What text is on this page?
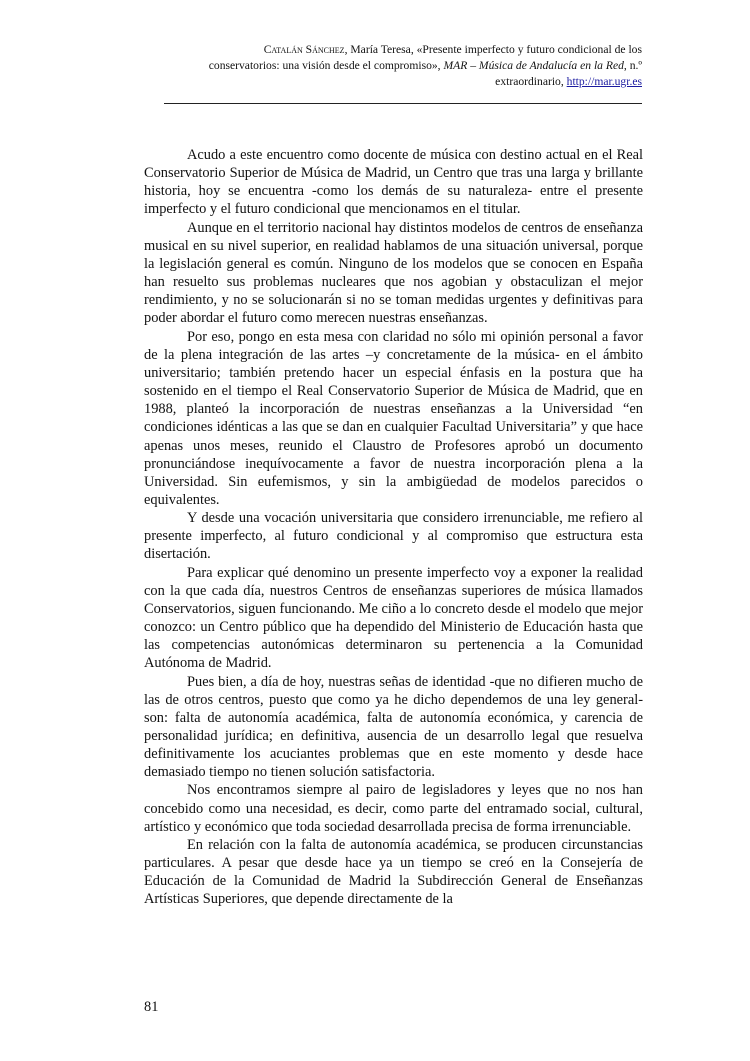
Catalán Sánchez, María Teresa, «Presente imperfecto y futuro condicional de los
conservatorios: una visión desde el compromiso», MAR – Música de Andalucía en la Red, n.º
extraordinario, http://mar.ugr.es

Acudo a este encuentro como docente de música con destino actual en el Real Conservatorio Superior de Música de Madrid, un Centro que tras una larga y brillante historia, hoy se encuentra -como los demás de su naturaleza- entre el presente imperfecto y el futuro condicional que mencionamos en el titular.

Aunque en el territorio nacional hay distintos modelos de centros de enseñanza musical en su nivel superior, en realidad hablamos de una situación universal, porque la legislación general es común. Ninguno de los modelos que se conocen en España han resuelto sus problemas nucleares que nos agobian y obstaculizan el mejor rendimiento, y no se solucionarán si no se toman medidas urgentes y definitivas para poder abordar el futuro como merecen nuestras enseñanzas.

Por eso, pongo en esta mesa con claridad no sólo mi opinión personal a favor de la plena integración de las artes –y concretamente de la música- en el ámbito universitario; también pretendo hacer un especial énfasis en la postura que ha sostenido en el tiempo el Real Conservatorio Superior de Música de Madrid, que en 1988, planteó la incorporación de nuestras enseñanzas a la Universidad “en condiciones idénticas a las que se dan en cualquier Facultad Universitaria” y que hace apenas unos meses, reunido el Claustro de Profesores aprobó un documento pronunciándose inequívocamente a favor de nuestra incorporación plena a la Universidad. Sin eufemismos, y sin la ambigüedad de modelos parecidos o equivalentes.

Y desde una vocación universitaria que considero irrenunciable, me refiero al presente imperfecto, al futuro condicional y al compromiso que estructura esta disertación.

Para explicar qué denomino un presente imperfecto voy a exponer la realidad con la que cada día, nuestros Centros de enseñanzas superiores de música llamados Conservatorios, siguen funcionando. Me ciño a lo concreto desde el modelo que mejor conozco: un Centro público que ha dependido del Ministerio de Educación hasta que las competencias autonómicas determinaron su pertenencia a la Comunidad Autónoma de Madrid.

Pues bien, a día de hoy, nuestras señas de identidad -que no difieren mucho de las de otros centros, puesto que como ya he dicho dependemos de una ley general- son: falta de autonomía académica, falta de autonomía económica, y carencia de personalidad jurídica; en definitiva, ausencia de un desarrollo legal que resuelva definitivamente los acuciantes problemas que en este momento y desde hace demasiado tiempo no tienen solución satisfactoria.

Nos encontramos siempre al pairo de legisladores y leyes que no nos han concebido como una necesidad, es decir, como parte del entramado social, cultural, artístico y económico que toda sociedad desarrollada precisa de forma irrenunciable.

En relación con la falta de autonomía académica, se producen circunstancias particulares. A pesar que desde hace ya un tiempo se creó en la Consejería de Educación de la Comunidad de Madrid la Subdirección General de Enseñanzas Artísticas Superiores, que depende directamente de la

81
